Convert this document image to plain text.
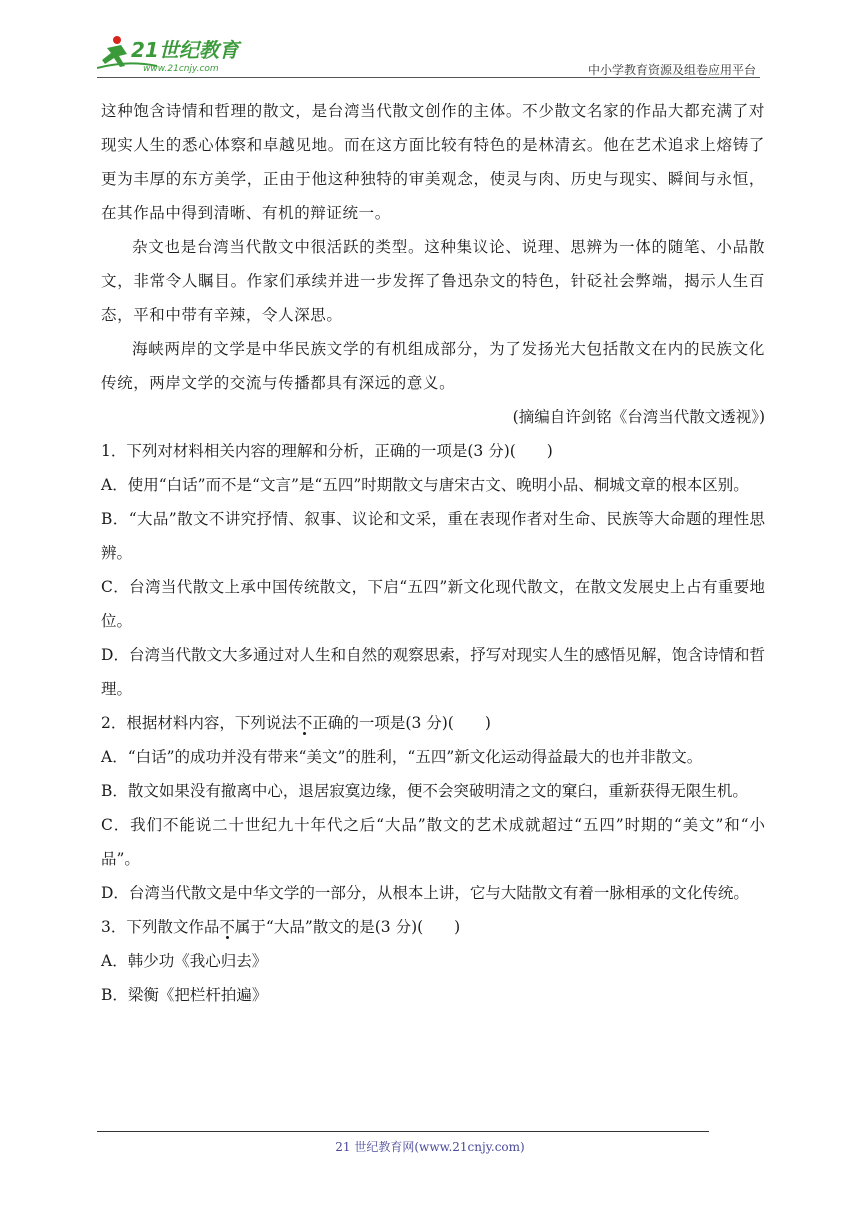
21世纪教育
www.21cnjy.com	中小学教育资源及组卷应用平台

这种饱含诗情和哲理的散文，是台湾当代散文创作的主体。不少散文名家的作品大都充满了对现实人生的悉心体察和卓越见地。而在这方面比较有特色的是林清玄。他在艺术追求上熔铸了更为丰厚的东方美学，正由于他这种独特的审美观念，使灵与肉、历史与现实、瞬间与永恒，在其作品中得到清晰、有机的辩证统一。

杂文也是台湾当代散文中很活跃的类型。这种集议论、说理、思辨为一体的随笔、小品散文，非常令人瞩目。作家们承续并进一步发挥了鲁迅杂文的特色，针砭社会弊端，揭示人生百态，平和中带有辛辣，令人深思。

海峡两岸的文学是中华民族文学的有机组成部分，为了发扬光大包括散文在内的民族文化传统，两岸文学的交流与传播都具有深远的意义。

(摘编自许剑铭《台湾当代散文透视》)

1．下列对材料相关内容的理解和分析，正确的一项是(3 分)(　　)

A．使用“白话”而不是“文言”是“五四”时期散文与唐宋古文、晚明小品、桐城文章的根本区别。

B．“大品”散文不讲究抒情、叙事、议论和文采，重在表现作者对生命、民族等大命题的理性思辨。

C．台湾当代散文上承中国传统散文，下启“五四”新文化现代散文，在散文发展史上占有重要地位。

D．台湾当代散文大多通过对人生和自然的观察思索，抒写对现实人生的感悟见解，饱含诗情和哲理。

2．根据材料内容，下列说法不正确的一项是(3 分)(　　)

A．“白话”的成功并没有带来“美文”的胜利，“五四”新文化运动得益最大的也并非散文。

B．散文如果没有撤离中心，退居寂寞边缘，便不会突破明清之文的窠臼，重新获得无限生机。

C．我们不能说二十世纪九十年代之后“大品”散文的艺术成就超过“五四”时期的“美文”和“小品”。

D．台湾当代散文是中华文学的一部分，从根本上讲，它与大陆散文有着一脉相承的文化传统。

3．下列散文作品不属于“大品”散文的是(3 分)(　　)

A．韩少功《我心归去》

B．梁衡《把栏杆拍遍》

21 世纪教育网(www.21cnjy.com)
